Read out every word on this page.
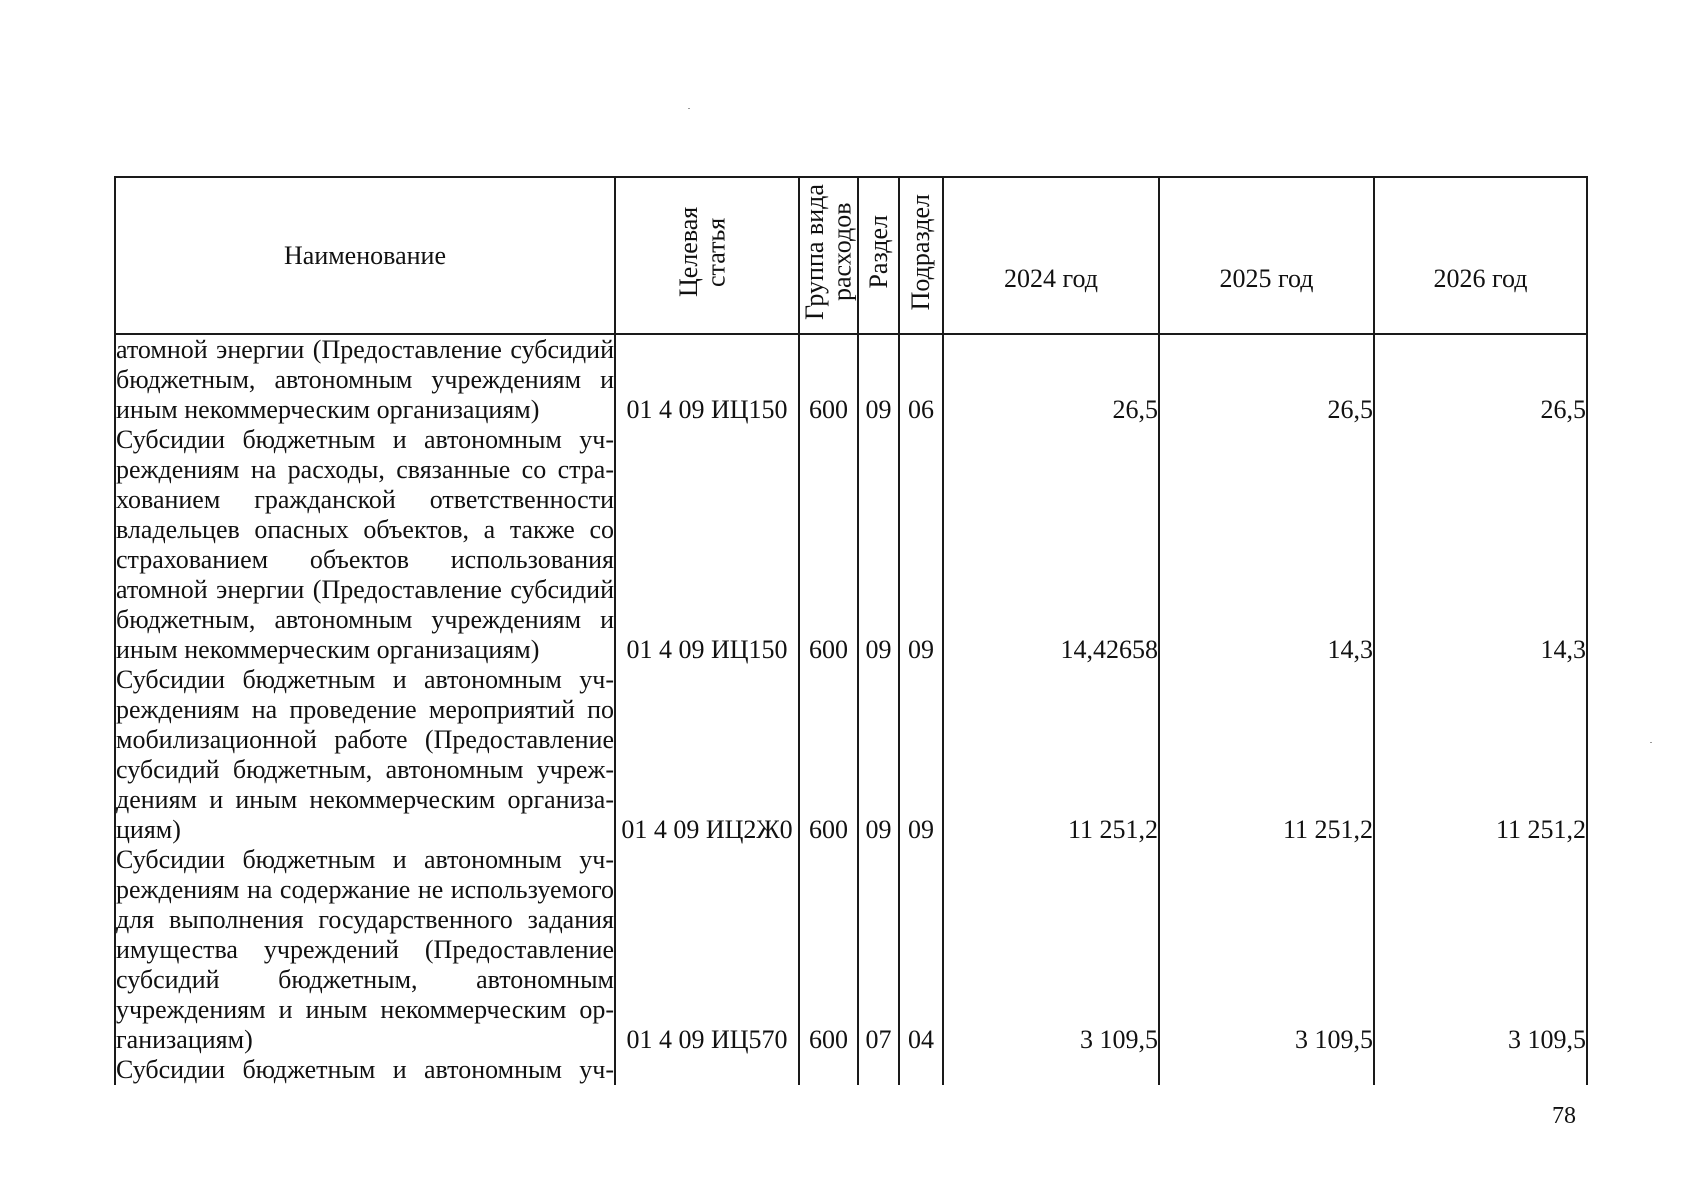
Наименование	Целевая статья	Группа вида расходов	Раздел	Подраздел	2024 год	2025 год	2026 год

атомной энергии (Предоставление субсидий бюджетным, автономным учреждениям и иным некоммерческим организациям)	01 4 09 ИЦ150	600	09	06	26,5	26,5	26,5

Субсидии бюджетным и автономным учреждениям на расходы, связанные со страхованием гражданской ответственности владельцев опасных объектов, а также со страхованием объектов использования атомной энергии (Предоставление субсидий бюджетным, автономным учреждениям и иным некоммерческим организациям)	01 4 09 ИЦ150	600	09	09	14,42658	14,3	14,3

Субсидии бюджетным и автономным учреждениям на проведение мероприятий по мобилизационной работе (Предоставление субсидий бюджетным, автономным учреждениям и иным некоммерческим организациям)	01 4 09 ИЦ2Ж0	600	09	09	11 251,2	11 251,2	11 251,2

Субсидии бюджетным и автономным учреждениям на содержание не используемого для выполнения государственного задания имущества учреждений (Предоставление субсидий бюджетным, автономным учреждениям и иным некоммерческим организациям)	01 4 09 ИЦ570	600	07	04	3 109,5	3 109,5	3 109,5

Субсидии бюджетным и автономным уч-							

78
